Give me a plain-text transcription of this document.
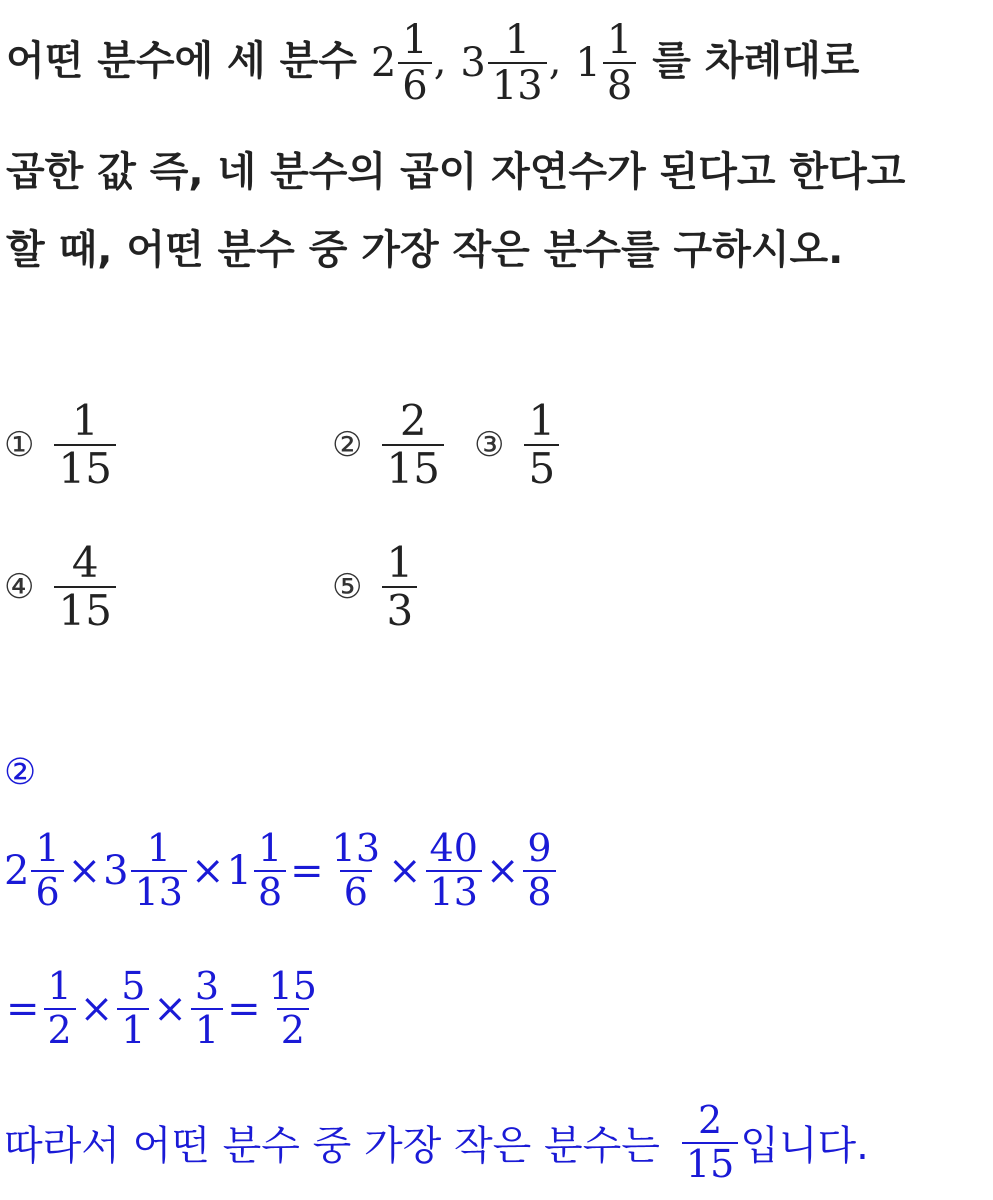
어떤 분수에 세 분수 $2 \frac{1}{6}$ , $3 \frac{1}{13}$ , $1 \frac{1}{8}$ 를 차례대로
곱한 값 즉, 네 분수의 곱이 자연수가 된다고 한다고
할 때, 어떤 분수 중 가장 작은 분수를 구하시오.
① $\frac{1}{15}$	② $\frac{2}{15}$ ③ $\frac{1}{5}$
④ $\frac{4}{15}$	⑤ $\frac{1}{3}$
②
$2 \frac{1}{6} \times 3 \frac{1}{13} \times 1 \frac{1}{8} = \frac{13}{6} \times \frac{40}{13} \times \frac{9}{8}$
= $\frac{1}{2} \times \frac{5}{1} \times \frac{3}{1} = \frac{15}{2}$
따라서 어떤 분수 중 가장 작은 분수는 $\frac{2}{15}$ 입니다.
